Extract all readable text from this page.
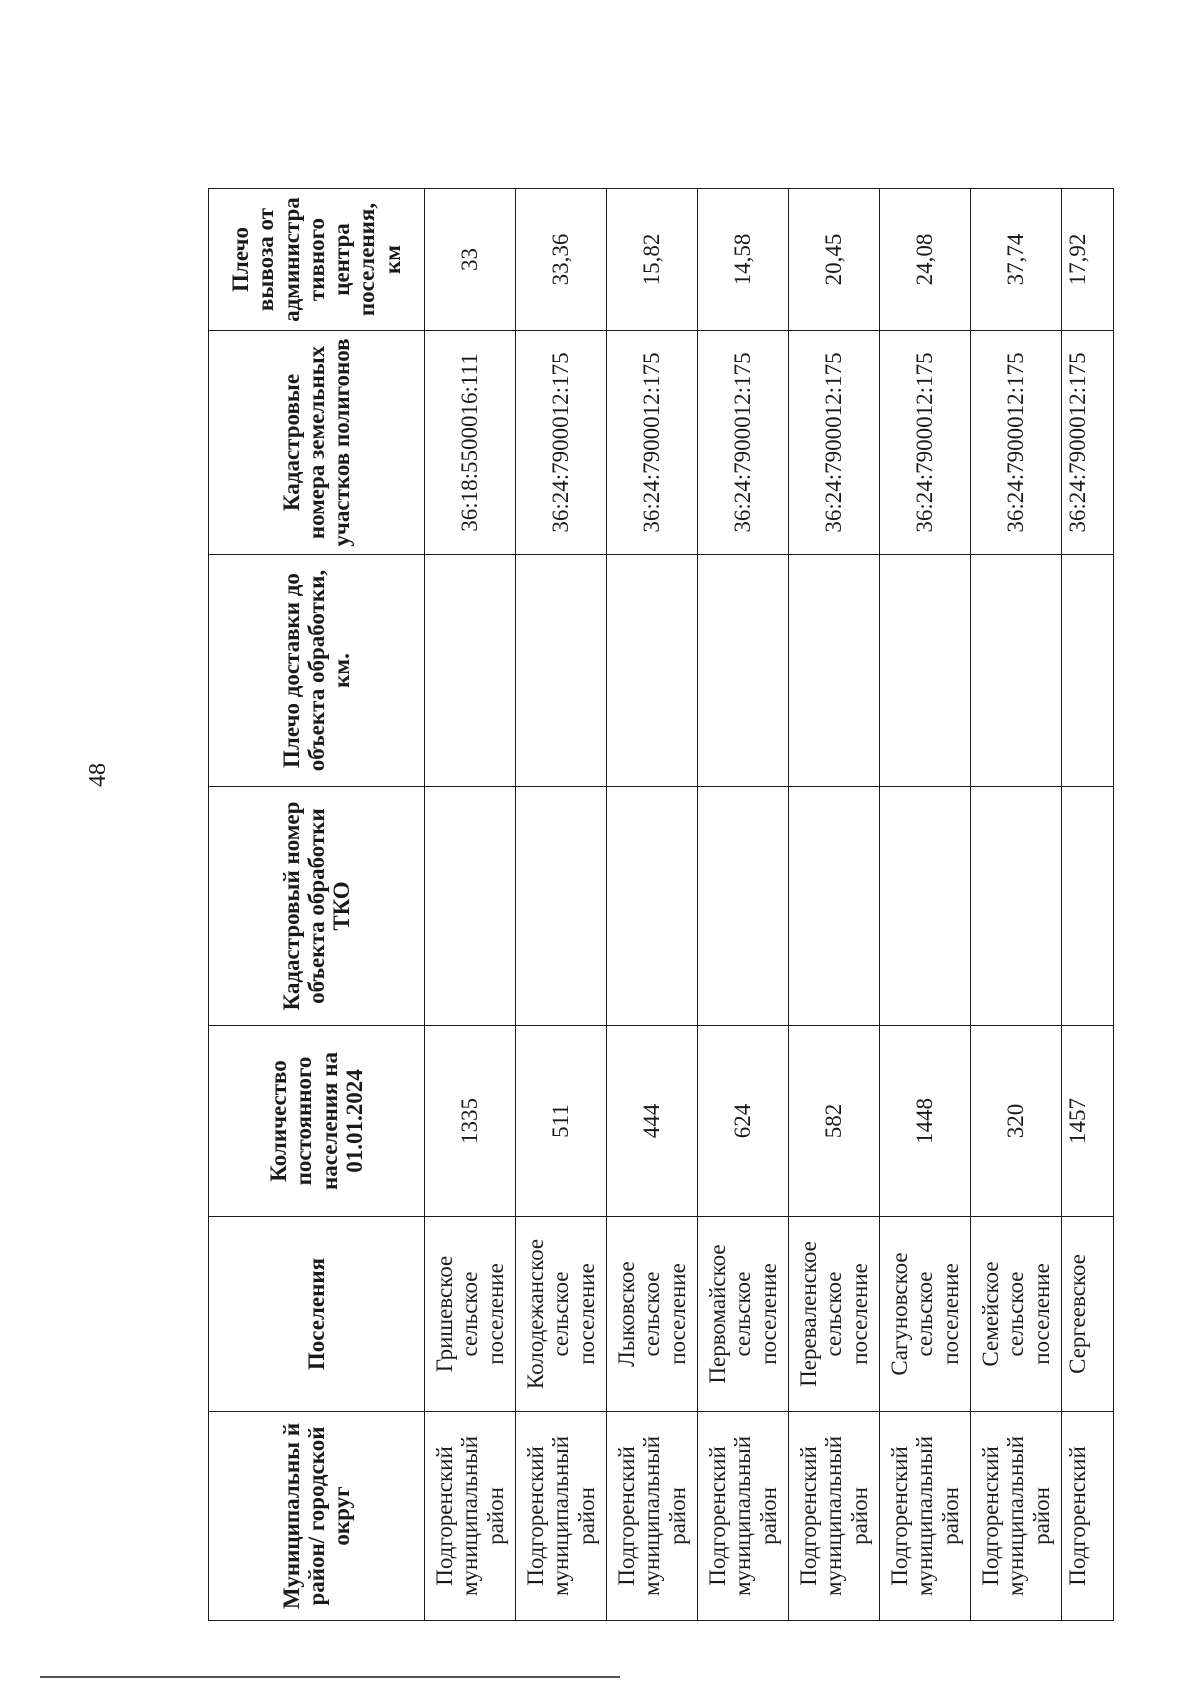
48
Муниципальны й район/ городской округ	Поселения	Количество постоянного населения на 01.01.2024	Кадастровый номер объекта обработки ТКО	Плечо доставки до объекта обработки, км.	Кадастровые номера земельных участков полигонов	Плечо вывоза от администра тивного центра поселения, км
Подгоренский муниципальный район	Гришевское сельское поселение	1335			36:18:5500016:111	33
Подгоренский муниципальный район	Колодежанское сельское поселение	511			36:24:7900012:175	33,36
Подгоренский муниципальный район	Лыковское сельское поселение	444			36:24:7900012:175	15,82
Подгоренский муниципальный район	Первомайское сельское поселение	624			36:24:7900012:175	14,58
Подгоренский муниципальный район	Переваленское сельское поселение	582			36:24:7900012:175	20,45
Подгоренский муниципальный район	Сагуновское сельское поселение	1448			36:24:7900012:175	24,08
Подгоренский муниципальный район	Семейское сельское поселение	320			36:24:7900012:175	37,74
Подгоренский	Сергеевское	1457			36:24:7900012:175	17,92
